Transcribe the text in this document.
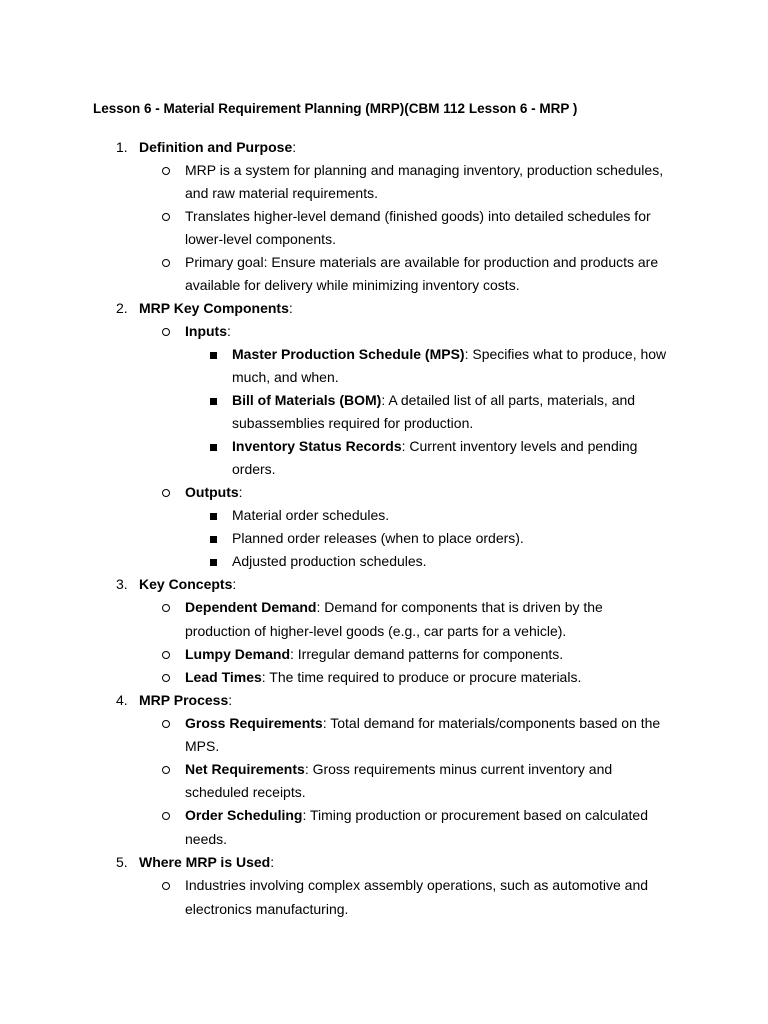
Lesson 6 - Material Requirement Planning (MRP)(CBM 112 Lesson 6 - MRP )
1. Definition and Purpose:
MRP is a system for planning and managing inventory, production schedules,
and raw material requirements.
Translates higher-level demand (finished goods) into detailed schedules for
lower-level components.
Primary goal: Ensure materials are available for production and products are
available for delivery while minimizing inventory costs.
2. MRP Key Components:
Inputs:
Master Production Schedule (MPS): Specifies what to produce, how
much, and when.
Bill of Materials (BOM): A detailed list of all parts, materials, and
subassemblies required for production.
Inventory Status Records: Current inventory levels and pending
orders.
Outputs:
Material order schedules.
Planned order releases (when to place orders).
Adjusted production schedules.
3. Key Concepts:
Dependent Demand: Demand for components that is driven by the
production of higher-level goods (e.g., car parts for a vehicle).
Lumpy Demand: Irregular demand patterns for components.
Lead Times: The time required to produce or procure materials.
4. MRP Process:
Gross Requirements: Total demand for materials/components based on the
MPS.
Net Requirements: Gross requirements minus current inventory and
scheduled receipts.
Order Scheduling: Timing production or procurement based on calculated
needs.
5. Where MRP is Used:
Industries involving complex assembly operations, such as automotive and
electronics manufacturing.
